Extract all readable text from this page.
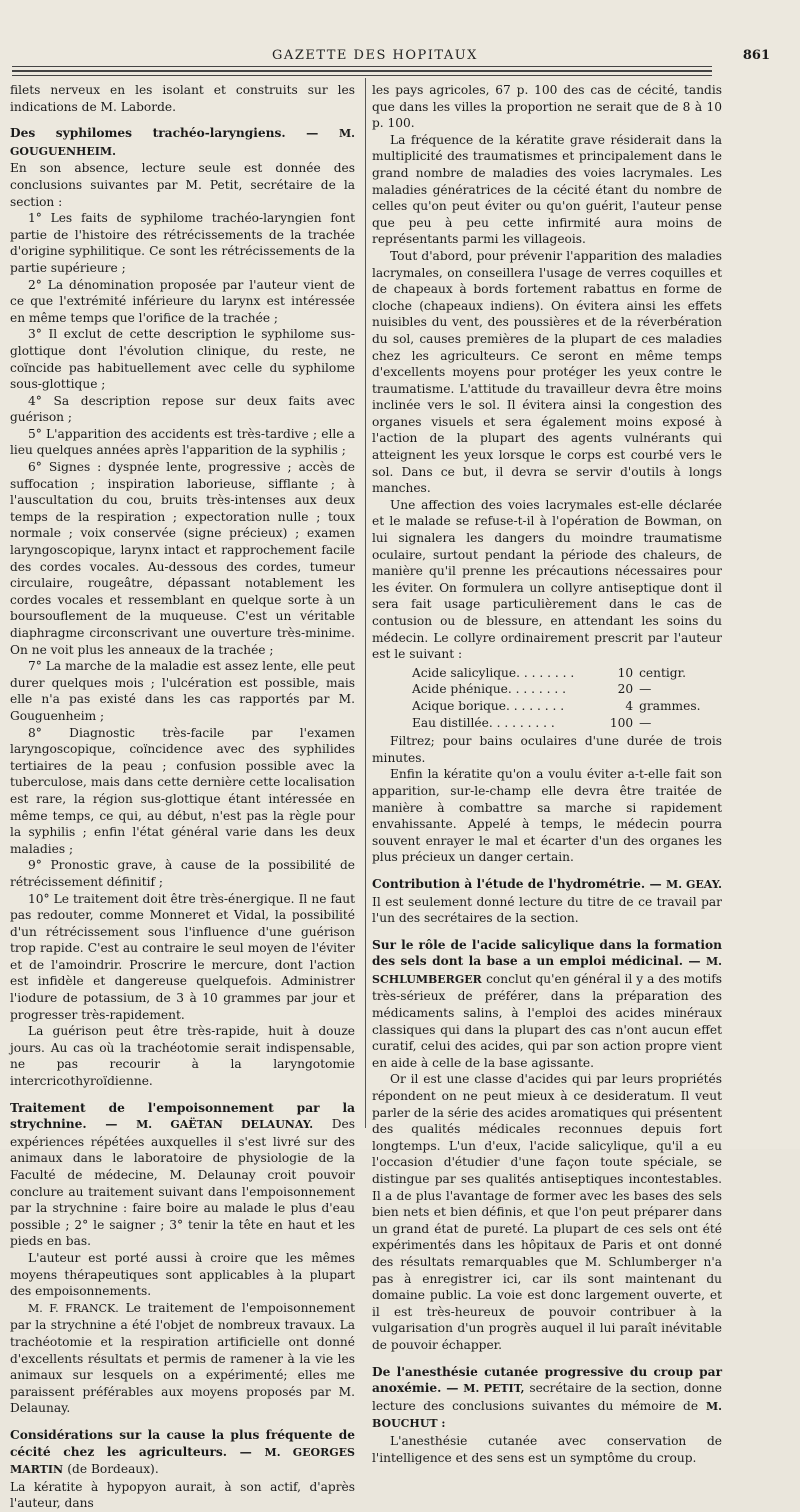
GAZETTE DES HOPITAUX	861

filets nerveux en les isolant et construits sur les indications de M. Laborde.

Des syphilomes trachéo-laryngiens. — M. GOUGUENHEIM.

En son absence, lecture seule est donnée des conclusions suivantes par M. Petit, secrétaire de la section :

1° Les faits de syphilome trachéo-laryngien font partie de l'histoire des rétrécissements de la trachée d'origine syphilitique. Ce sont les rétrécissements de la partie supérieure ;

2° La dénomination proposée par l'auteur vient de ce que l'extrémité inférieure du larynx est intéressée en même temps que l'orifice de la trachée ;

3° Il exclut de cette description le syphilome sus-glottique dont l'évolution clinique, du reste, ne coïncide pas habituellement avec celle du syphilome sous-glottique ;

4° Sa description repose sur deux faits avec guérison ;

5° L'apparition des accidents est très-tardive ; elle a lieu quelques années après l'apparition de la syphilis ;

6° Signes : dyspnée lente, progressive ; accès de suffocation ; inspiration laborieuse, sifflante ; à l'auscultation du cou, bruits très-intenses aux deux temps de la respiration ; expectoration nulle ; toux normale ; voix conservée (signe précieux) ; examen laryngoscopique, larynx intact et rapprochement facile des cordes vocales. Au-dessous des cordes, tumeur circulaire, rougeâtre, dépassant notablement les cordes vocales et ressemblant en quelque sorte à un boursouflement de la muqueuse. C'est un véritable diaphragme circonscrivant une ouverture très-minime. On ne voit plus les anneaux de la trachée ;

7° La marche de la maladie est assez lente, elle peut durer quelques mois ; l'ulcération est possible, mais elle n'a pas existé dans les cas rapportés par M. Gouguenheim ;

8° Diagnostic très-facile par l'examen laryngoscopique, coïncidence avec des syphilides tertiaires de la peau ; confusion possible avec la tuberculose, mais dans cette dernière cette localisation est rare, la région sus-glottique étant intéressée en même temps, ce qui, au début, n'est pas la règle pour la syphilis ; enfin l'état général varie dans les deux maladies ;

9° Pronostic grave, à cause de la possibilité de rétrécissement définitif ;

10° Le traitement doit être très-énergique. Il ne faut pas redouter, comme Monneret et Vidal, la possibilité d'un rétrécissement sous l'influence d'une guérison trop rapide. C'est au contraire le seul moyen de l'éviter et de l'amoindrir. Proscrire le mercure, dont l'action est infidèle et dangereuse quelquefois. Administrer l'iodure de potassium, de 3 à 10 grammes par jour et progresser très-rapidement.

La guérison peut être très-rapide, huit à douze jours. Au cas où la trachéotomie serait indispensable, ne pas recourir à la laryngotomie intercricothyroïdienne.

Traitement de l'empoisonnement par la strychnine. — M. GAËTAN DELAUNAY. Des expériences répétées auxquelles il s'est livré sur des animaux dans le laboratoire de physiologie de la Faculté de médecine, M. Delaunay croit pouvoir conclure au traitement suivant dans l'empoisonnement par la strychnine : faire boire au malade le plus d'eau possible ; 2° le saigner ; 3° tenir la tête en haut et les pieds en bas.

L'auteur est porté aussi à croire que les mêmes moyens thérapeutiques sont applicables à la plupart des empoisonnements.

M. F. FRANCK. Le traitement de l'empoisonnement par la strychnine a été l'objet de nombreux travaux. La trachéotomie et la respiration artificielle ont donné d'excellents résultats et permis de ramener à la vie les animaux sur lesquels on a expérimenté; elles me paraissent préférables aux moyens proposés par M. Delaunay.

Considérations sur la cause la plus fréquente de cécité chez les agriculteurs. — M. GEORGES MARTIN (de Bordeaux).

La kératite à hypopyon aurait, à son actif, d'après l'auteur, dans

les pays agricoles, 67 p. 100 des cas de cécité, tandis que dans les villes la proportion ne serait que de 8 à 10 p. 100.

La fréquence de la kératite grave résiderait dans la multiplicité des traumatismes et principalement dans le grand nombre de maladies des voies lacrymales. Les maladies génératrices de la cécité étant du nombre de celles qu'on peut éviter ou qu'on guérit, l'auteur pense que peu à peu cette infirmité aura moins de représentants parmi les villageois.

Tout d'abord, pour prévenir l'apparition des maladies lacrymales, on conseillera l'usage de verres coquilles et de chapeaux à bords fortement rabattus en forme de cloche (chapeaux indiens). On évitera ainsi les effets nuisibles du vent, des poussières et de la réverbération du sol, causes premières de la plupart de ces maladies chez les agriculteurs. Ce seront en même temps d'excellents moyens pour protéger les yeux contre le traumatisme. L'attitude du travailleur devra être moins inclinée vers le sol. Il évitera ainsi la congestion des organes visuels et sera également moins exposé à l'action de la plupart des agents vulnérants qui atteignent les yeux lorsque le corps est courbé vers le sol. Dans ce but, il devra se servir d'outils à longs manches.

Une affection des voies lacrymales est-elle déclarée et le malade se refuse-t-il à l'opération de Bowman, on lui signalera les dangers du moindre traumatisme oculaire, surtout pendant la période des chaleurs, de manière qu'il prenne les précautions nécessaires pour les éviter. On formulera un collyre antiseptique dont il sera fait usage particulièrement dans le cas de contusion ou de blessure, en attendant les soins du médecin. Le collyre ordinairement prescrit par l'auteur est le suivant :

Acide salicylique. . . . . . . .	10 centigr.
Acide phénique. . . . . . . .	20 —
Acique borique. . . . . . . .	4 grammes.
Eau distillée. . . . . . . . .	100 —

Filtrez; pour bains oculaires d'une durée de trois minutes.

Enfin la kératite qu'on a voulu éviter a-t-elle fait son apparition, sur-le-champ elle devra être traitée de manière à combattre sa marche si rapidement envahissante. Appelé à temps, le médecin pourra souvent enrayer le mal et écarter d'un des organes les plus précieux un danger certain.

Contribution à l'étude de l'hydrométrie. — M. GEAY. Il est seulement donné lecture du titre de ce travail par l'un des secrétaires de la section.

Sur le rôle de l'acide salicylique dans la formation des sels dont la base a un emploi médicinal. — M. SCHLUMBERGER conclut qu'en général il y a des motifs très-sérieux de préférer, dans la préparation des médicaments salins, à l'emploi des acides minéraux classiques qui dans la plupart des cas n'ont aucun effet curatif, celui des acides, qui par son action propre vient en aide à celle de la base agissante.

Or il est une classe d'acides qui par leurs propriétés répondent on ne peut mieux à ce desideratum. Il veut parler de la série des acides aromatiques qui présentent des qualités médicales reconnues depuis fort longtemps. L'un d'eux, l'acide salicylique, qu'il a eu l'occasion d'étudier d'une façon toute spéciale, se distingue par ses qualités antiseptiques incontestables. Il a de plus l'avantage de former avec les bases des sels bien nets et bien définis, et que l'on peut préparer dans un grand état de pureté. La plupart de ces sels ont été expérimentés dans les hôpitaux de Paris et ont donné des résultats remarquables que M. Schlumberger n'a pas à enregistrer ici, car ils sont maintenant du domaine public. La voie est donc largement ouverte, et il est très-heureux de pouvoir contribuer à la vulgarisation d'un progrès auquel il lui paraît inévitable de pouvoir échapper.

De l'anesthésie cutanée progressive du croup par anoxémie. — M. PETIT, secrétaire de la section, donne lecture des conclusions suivantes du mémoire de M. BOUCHUT :

L'anesthésie cutanée avec conservation de l'intelligence et des sens est un symptôme du croup.
